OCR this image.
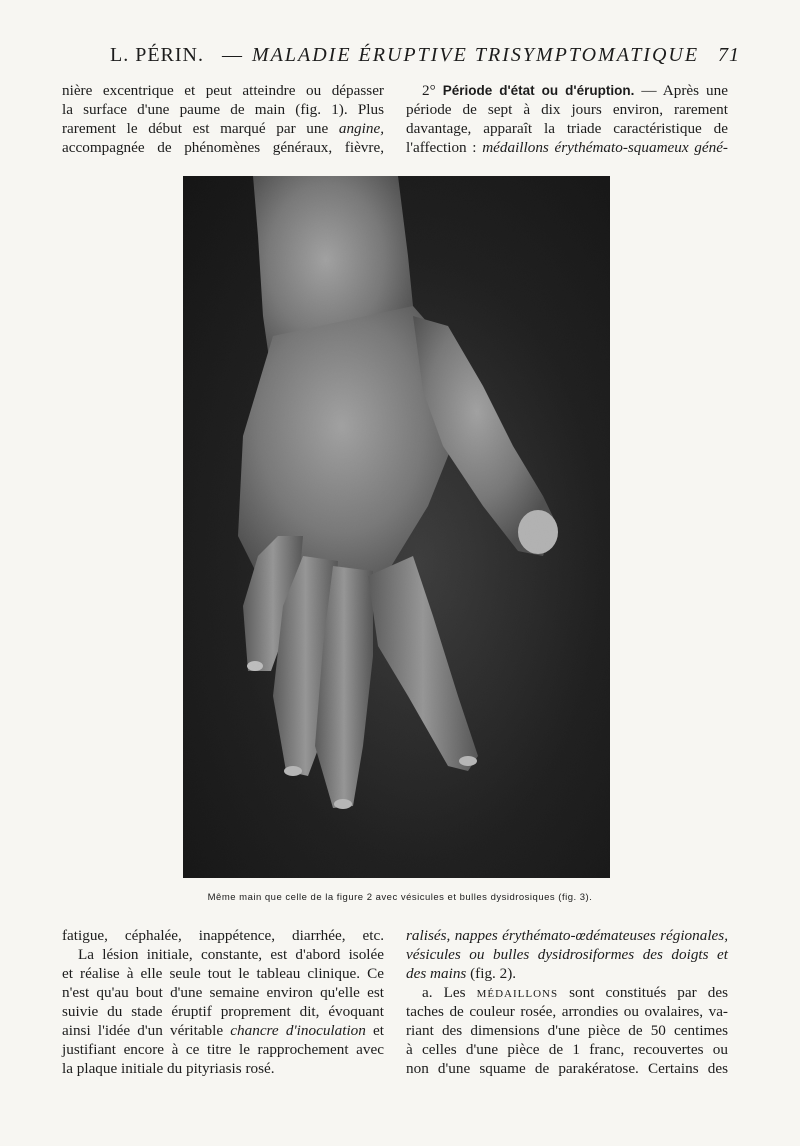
L. PÉRIN. — MALADIE ÉRUPTIVE TRISYMPTOMATIQUE 71
nière excentrique et peut atteindre ou dépasser
la surface d'une paume de main (fig. 1). Plus
rarement le début est marqué par une angine,
accompagnée de phénomènes généraux, fièvre,
2° Période d'état ou d'éruption. — Après une
période de sept à dix jours environ, rarement
davantage, apparaît la triade caractéristique de
l'affection : médaillons érythémato-squameux géné-
Même main que celle de la figure 2 avec vésicules et bulles dysidrosiques (fig. 3).
fatigue, céphalée, inappétence, diarrhée, etc.
La lésion initiale, constante, est d'abord isolée
et réalise à elle seule tout le tableau clinique. Ce
n'est qu'au bout d'une semaine environ qu'elle est
suivie du stade éruptif proprement dit, évoquant
ainsi l'idée d'un véritable chancre d'inoculation et
justifiant encore à ce titre le rapprochement avec
la plaque initiale du pityriasis rosé.
ralisés, nappes érythémato-œdémateuses régionales,
vésicules ou bulles dysidrosiformes des doigts et
des mains (fig. 2).
a. Les médaillons sont constitués par des
taches de couleur rosée, arrondies ou ovalaires, va-
riant des dimensions d'une pièce de 50 centimes
à celles d'une pièce de 1 franc, recouvertes ou
non d'une squame de parakératose. Certains des
